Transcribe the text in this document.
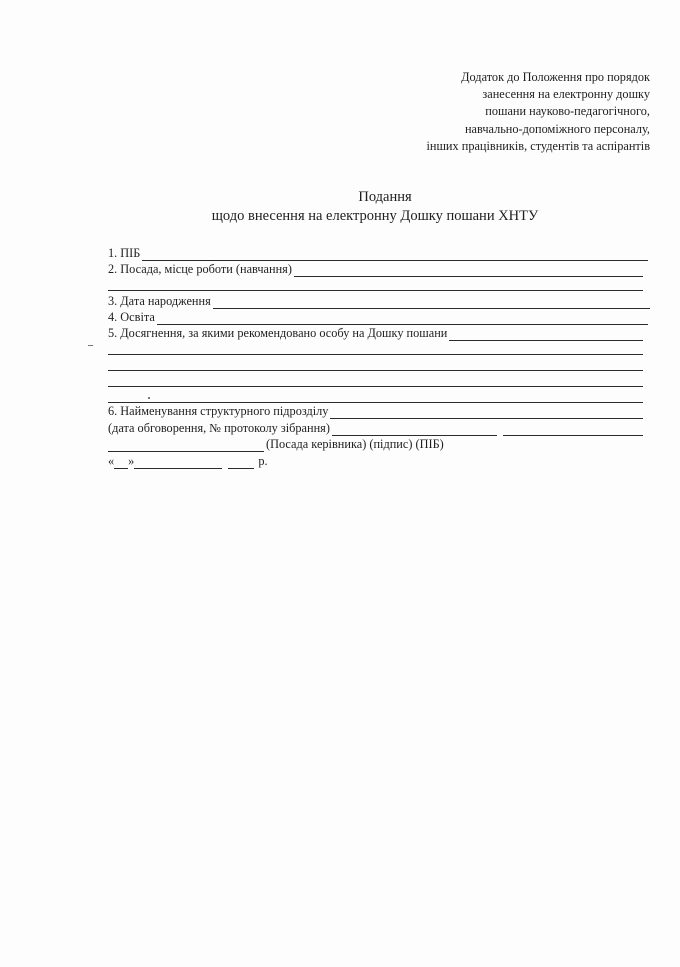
Додаток до Положення про порядок
занесення на електронну дошку
пошани науково-педагогічного,
навчально-допоміжного персоналу,
інших працівників, студентів та аспірантів
Подання
щодо внесення на електронну Дошку пошани ХНТУ
1. ПІБ
2. Посада, місце роботи (навчання)
3. Дата народження
4. Освіта
5. Досягнення, за якими рекомендовано особу на Дошку пошани
6. Найменування структурного підрозділу
(дата обговорення, № протоколу зібрання)
(Посада керівника) (підпис) (ПІБ)
« »	р.
